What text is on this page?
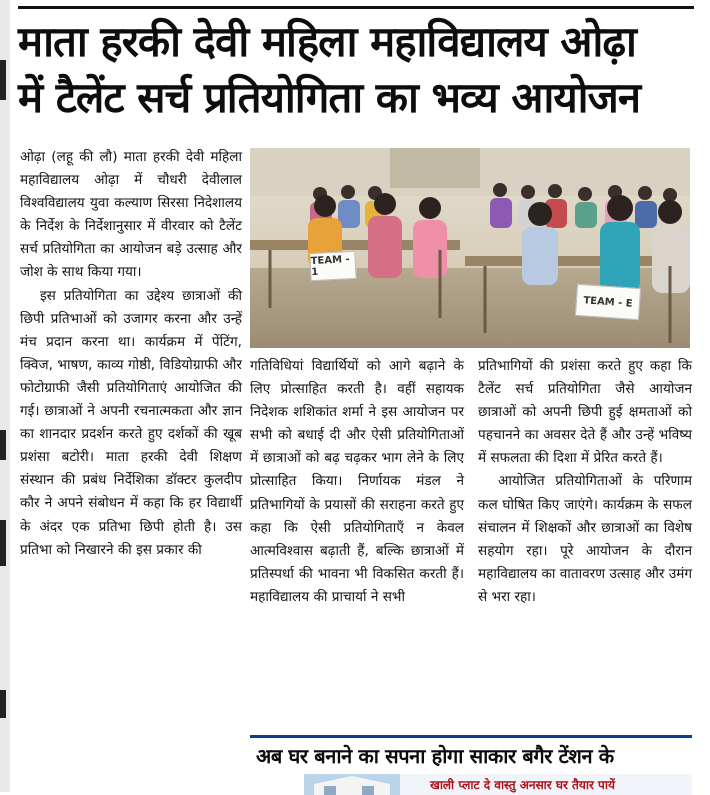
माता हरकी देवी महिला महाविद्यालय ओढ़ा
में टैलेंट सर्च प्रतियोगिता का भव्य आयोजन

ओढ़ा (लहू की लौ) माता हरकी देवी महिला महाविद्यालय ओढ़ा में चौधरी देवीलाल विश्वविद्यालय युवा कल्याण सिरसा निदेशालय के निर्देश के निर्देशानुसार में वीरवार को टैलेंट सर्च प्रतियोगिता का आयोजन बड़े उत्साह और जोश के साथ किया गया।

इस प्रतियोगिता का उद्देश्य छात्राओं की छिपी प्रतिभाओं को उजागर करना और उन्हें मंच प्रदान करना था। कार्यक्रम में पेंटिंग, क्विज, भाषण, काव्य गोष्ठी, विडियोग्राफी और फोटोग्राफी जैसी प्रतियोगिताएं आयोजित की गई। छात्राओं ने अपनी रचनात्मकता और ज्ञान का शानदार प्रदर्शन करते हुए दर्शकों की खूब प्रशंसा बटोरी। माता हरकी देवी शिक्षण संस्थान की प्रबंध निर्देशिका डॉक्टर कुलदीप कौर ने अपने संबोधन में कहा कि हर विद्यार्थी के अंदर एक प्रतिभा छिपी होती है। उस प्रतिभा को निखारने की इस प्रकार की

TEAM - 1
TEAM - E

गतिविधियां विद्यार्थियों को आगे बढ़ाने के लिए प्रोत्साहित करती है। वहीं सहायक निदेशक शशिकांत शर्मा ने इस आयोजन पर सभी को बधाई दी और ऐसी प्रतियोगिताओं में छात्राओं को बढ़ चढ़कर भाग लेने के लिए प्रोत्साहित किया। निर्णायक मंडल ने प्रतिभागियों के प्रयासों की सराहना करते हुए कहा कि ऐसी प्रतियोगिताएँ न केवल आत्मविश्वास बढ़ाती हैं, बल्कि छात्राओं में प्रतिस्पर्धा की भावना भी विकसित करती हैं। महाविद्यालय की प्राचार्या ने सभी

प्रतिभागियों की प्रशंसा करते हुए कहा कि टैलेंट सर्च प्रतियोगिता जैसे आयोजन छात्राओं को अपनी छिपी हुई क्षमताओं को पहचानने का अवसर देते हैं और उन्हें भविष्य में सफलता की दिशा में प्रेरित करते हैं।

आयोजित प्रतियोगिताओं के परिणाम कल घोषित किए जाएंगे। कार्यक्रम के सफल संचालन में शिक्षकों और छात्राओं का विशेष सहयोग रहा। पूरे आयोजन के दौरान महाविद्यालय का वातावरण उत्साह और उमंग से भरा रहा।

अब घर बनाने का सपना होगा साकार बगैर टेंशन के
खाली प्लाट दे वास्तु अनसार घर तैयार पायें
